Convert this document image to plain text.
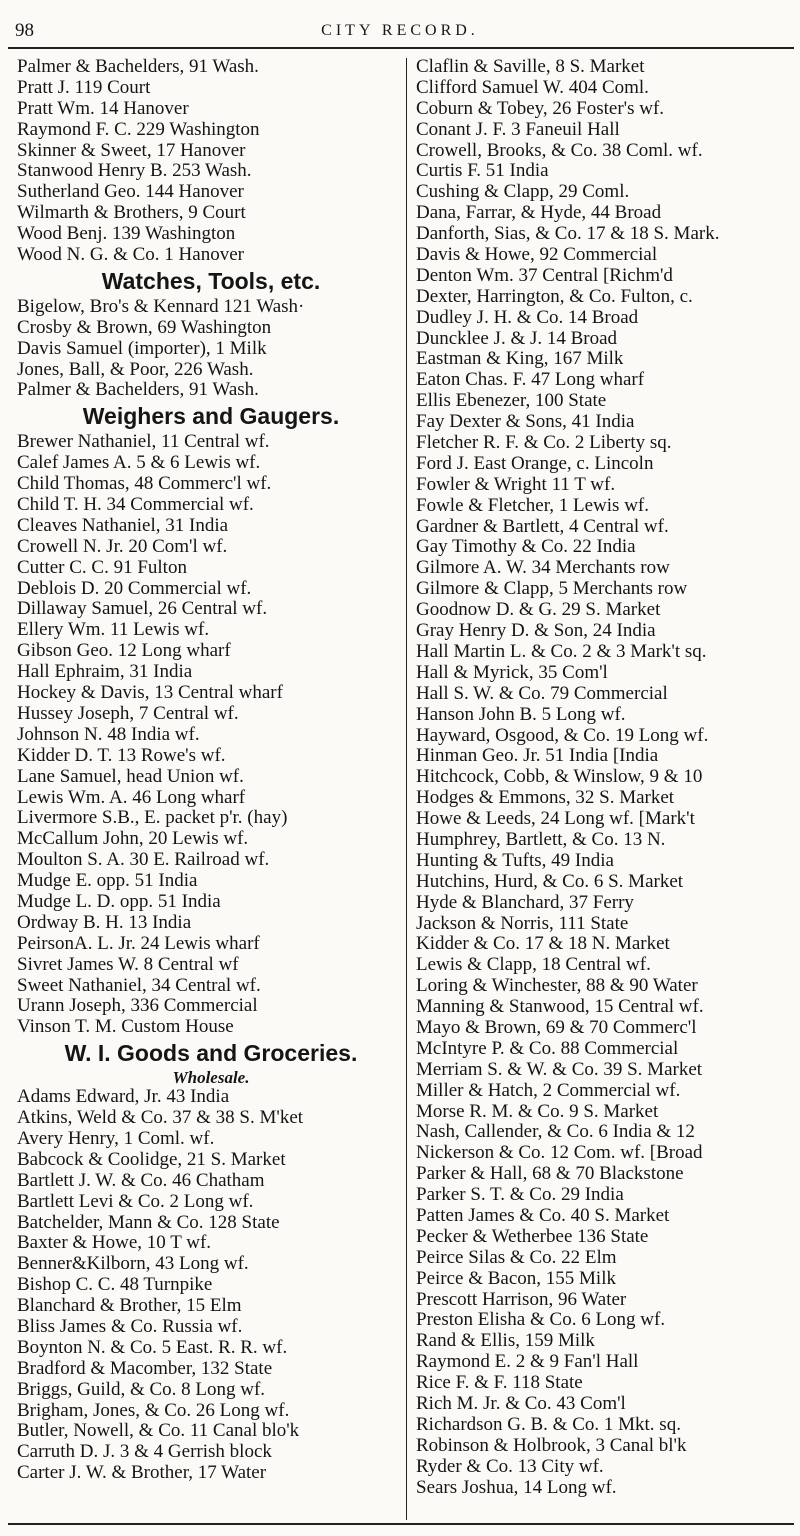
98	CITY RECORD.
Palmer & Bachelders, 91 Wash.
Pratt J. 119 Court
Pratt Wm. 14 Hanover
Raymond F. C. 229 Washington
Skinner & Sweet, 17 Hanover
Stanwood Henry B. 253 Wash.
Sutherland Geo. 144 Hanover
Wilmarth & Brothers, 9 Court
Wood Benj. 139 Washington
Wood N. G. & Co. 1 Hanover
Watches, Tools, etc.
Bigelow, Bro's & Kennard 121 Wash·
Crosby & Brown, 69 Washington
Davis Samuel (importer), 1 Milk
Jones, Ball, & Poor, 226 Wash.
Palmer & Bachelders, 91 Wash.
Weighers and Gaugers.
Brewer Nathaniel, 11 Central wf.
Calef James A. 5 & 6 Lewis wf.
Child Thomas, 48 Commerc'l wf.
Child T. H. 34 Commercial wf.
Cleaves Nathaniel, 31 India
Crowell N. Jr. 20 Com'l wf.
Cutter C. C. 91 Fulton
Deblois D. 20 Commercial wf.
Dillaway Samuel, 26 Central wf.
Ellery Wm. 11 Lewis wf.
Gibson Geo. 12 Long wharf
Hall Ephraim, 31 India
Hockey & Davis, 13 Central wharf
Hussey Joseph, 7 Central wf.
Johnson N. 48 India wf.
Kidder D. T. 13 Rowe's wf.
Lane Samuel, head Union wf.
Lewis Wm. A. 46 Long wharf
Livermore S.B., E. packet p'r. (hay)
McCallum John, 20 Lewis wf.
Moulton S. A. 30 E. Railroad wf.
Mudge E. opp. 51 India
Mudge L. D. opp. 51 India
Ordway B. H. 13 India
PeirsonA. L. Jr. 24 Lewis wharf
Sivret James W. 8 Central wf
Sweet Nathaniel, 34 Central wf.
Urann Joseph, 336 Commercial
Vinson T. M. Custom House
W. I. Goods and Groceries.
Wholesale.
Adams Edward, Jr. 43 India
Atkins, Weld & Co. 37 & 38 S. M'ket
Avery Henry, 1 Coml. wf.
Babcock & Coolidge, 21 S. Market
Bartlett J. W. & Co. 46 Chatham
Bartlett Levi & Co. 2 Long wf.
Batchelder, Mann & Co. 128 State
Baxter & Howe, 10 T wf.
Benner&Kilborn, 43 Long wf.
Bishop C. C. 48 Turnpike
Blanchard & Brother, 15 Elm
Bliss James & Co. Russia wf.
Boynton N. & Co. 5 East. R. R. wf.
Bradford & Macomber, 132 State
Briggs, Guild, & Co. 8 Long wf.
Brigham, Jones, & Co. 26 Long wf.
Butler, Nowell, & Co. 11 Canal blo'k
Carruth D. J. 3 & 4 Gerrish block
Carter J. W. & Brother, 17 Water
Claflin & Saville, 8 S. Market
Clifford Samuel W. 404 Coml.
Coburn & Tobey, 26 Foster's wf.
Conant J. F. 3 Faneuil Hall
Crowell, Brooks, & Co. 38 Coml. wf.
Curtis F. 51 India
Cushing & Clapp, 29 Coml.
Dana, Farrar, & Hyde, 44 Broad
Danforth, Sias, & Co. 17 & 18 S. Mark.
Davis & Howe, 92 Commercial
Denton Wm. 37 Central [Richm'd
Dexter, Harrington, & Co. Fulton, c.
Dudley J. H. & Co. 14 Broad
Duncklee J. & J. 14 Broad
Eastman & King, 167 Milk
Eaton Chas. F. 47 Long wharf
Ellis Ebenezer, 100 State
Fay Dexter & Sons, 41 India
Fletcher R. F. & Co. 2 Liberty sq.
Ford J. East Orange, c. Lincoln
Fowler & Wright 11 T wf.
Fowle & Fletcher, 1 Lewis wf.
Gardner & Bartlett, 4 Central wf.
Gay Timothy & Co. 22 India
Gilmore A. W. 34 Merchants row
Gilmore & Clapp, 5 Merchants row
Goodnow D. & G. 29 S. Market
Gray Henry D. & Son, 24 India
Hall Martin L. & Co. 2 & 3 Mark't sq.
Hall & Myrick, 35 Com'l
Hall S. W. & Co. 79 Commercial
Hanson John B. 5 Long wf.
Hayward, Osgood, & Co. 19 Long wf.
Hinman Geo. Jr. 51 India [India
Hitchcock, Cobb, & Winslow, 9 & 10
Hodges & Emmons, 32 S. Market
Howe & Leeds, 24 Long wf. [Mark't
Humphrey, Bartlett, & Co. 13 N.
Hunting & Tufts, 49 India
Hutchins, Hurd, & Co. 6 S. Market
Hyde & Blanchard, 37 Ferry
Jackson & Norris, 111 State
Kidder & Co. 17 & 18 N. Market
Lewis & Clapp, 18 Central wf.
Loring & Winchester, 88 & 90 Water
Manning & Stanwood, 15 Central wf.
Mayo & Brown, 69 & 70 Commerc'l
McIntyre P. & Co. 88 Commercial
Merriam S. & W. & Co. 39 S. Market
Miller & Hatch, 2 Commercial wf.
Morse R. M. & Co. 9 S. Market
Nash, Callender, & Co. 6 India & 12
Nickerson & Co. 12 Com. wf. [Broad
Parker & Hall, 68 & 70 Blackstone
Parker S. T. & Co. 29 India
Patten James & Co. 40 S. Market
Pecker & Wetherbee 136 State
Peirce Silas & Co. 22 Elm
Peirce & Bacon, 155 Milk
Prescott Harrison, 96 Water
Preston Elisha & Co. 6 Long wf.
Rand & Ellis, 159 Milk
Raymond E. 2 & 9 Fan'l Hall
Rice F. & F. 118 State
Rich M. Jr. & Co. 43 Com'l
Richardson G. B. & Co. 1 Mkt. sq.
Robinson & Holbrook, 3 Canal bl'k
Ryder & Co. 13 City wf.
Sears Joshua, 14 Long wf.
